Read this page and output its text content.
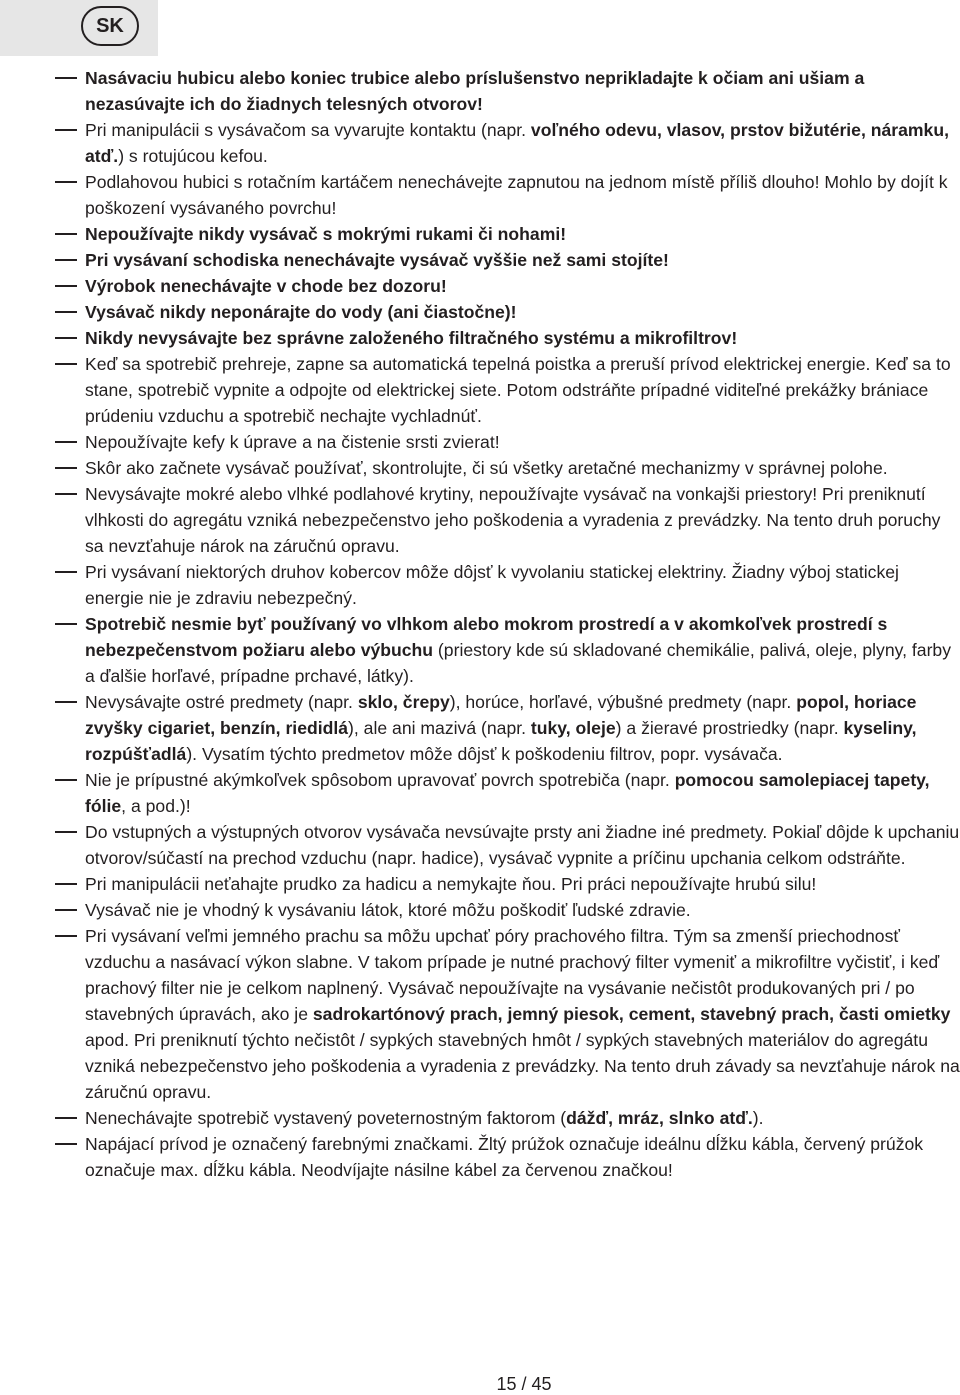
SK
Nasávaciu hubicu alebo koniec trubice alebo príslušenstvo neprikladajte k očiam ani ušiam a nezasúvajte ich do žiadnych telesných otvorov!
Pri manipulácii s vysávačom sa vyvarujte kontaktu (napr. voľného odevu, vlasov, prstov bižutérie, náramku, atď.) s rotujúcou kefou.
Podlahovou hubici s rotačním kartáčem nenechávejte zapnutou na jednom místě příliš dlouho! Mohlo by dojít k poškození vysávaného povrchu!
Nepoužívajte nikdy vysávač s mokrými rukami či nohami!
Pri vysávaní schodiska nenechávajte vysávač vyššie než sami stojíte!
Výrobok nenechávajte v chode bez dozoru!
Vysávač nikdy neponárajte do vody (ani čiastočne)!
Nikdy nevysávajte bez správne založeného filtračného systému a mikrofiltrov!
Keď sa spotrebič prehreje, zapne sa automatická tepelná poistka a preruší prívod elektrickej energie. Keď sa to stane, spotrebič vypnite a odpojte od elektrickej siete. Potom odstráňte prípadné viditeľné prekážky brániace prúdeniu vzduchu a spotrebič nechajte vychladnúť.
Nepoužívajte kefy k úprave a na čistenie srsti zvierat!
Skôr ako začnete vysávač používať, skontrolujte, či sú všetky aretačné mechanizmy v správnej polohe.
Nevysávajte mokré alebo vlhké podlahové krytiny, nepoužívajte vysávač na vonkajši priestory! Pri preniknutí vlhkosti do agregátu vzniká nebezpečenstvo jeho poškodenia a vyradenia z prevádzky. Na tento druh poruchy sa nevzťahuje nárok na záručnú opravu.
Pri vysávaní niektorých druhov kobercov môže dôjsť k vyvolaniu statickej elektriny. Žiadny výboj statickej energie nie je zdraviu nebezpečný.
Spotrebič nesmie byť používaný vo vlhkom alebo mokrom prostredí a v akomkoľvek prostredí s nebezpečenstvom požiaru alebo výbuchu (priestory kde sú skladované chemikálie, palivá, oleje, plyny, farby a ďalšie horľavé, prípadne prchavé, látky).
Nevysávajte ostré predmety (napr. sklo, črepy), horúce, horľavé, výbušné predmety (napr. popol, horiace zvyšky cigariet, benzín, riedidlá), ale ani mazivá (napr. tuky, oleje) a žieravé prostriedky (napr. kyseliny, rozpúšťadlá). Vysatím týchto predmetov môže dôjsť k poškodeniu filtrov, popr. vysávača.
Nie je prípustné akýmkoľvek spôsobom upravovať povrch spotrebiča (napr. pomocou samolepiacej tapety, fólie, a pod.)!
Do vstupných a výstupných otvorov vysávača nevsúvajte prsty ani žiadne iné predmety. Pokiaľ dôjde k upchaniu otvorov/súčastí na prechod vzduchu (napr. hadice), vysávač vypnite a príčinu upchania celkom odstráňte.
Pri manipulácii neťahajte prudko za hadicu a nemykajte ňou. Pri práci nepoužívajte hrubú silu!
Vysávač nie je vhodný k vysávaniu látok, ktoré môžu poškodiť ľudské zdravie.
Pri vysávaní veľmi jemného prachu sa môžu upchať póry prachového filtra. Tým sa zmenší priechodnosť vzduchu a nasávací výkon slabne. V takom prípade je nutné prachový filter vymeniť a mikrofiltre vyčistiť, i keď prachový filter nie je celkom naplnený. Vysávač nepoužívajte na vysávanie nečistôt produkovaných pri / po stavebných úpravách, ako je sadrokartónový prach, jemný piesok, cement, stavebný prach, časti omietky apod. Pri preniknutí týchto nečistôt / sypkých stavebných hmôt / sypkých stavebných materiálov do agregátu vzniká nebezpečenstvo jeho poškodenia a vyradenia z prevádzky. Na tento druh závady sa nevzťahuje nárok na záručnú opravu.
Nenechávajte spotrebič vystavený poveternostným faktorom (dážď, mráz, slnko atď.).
Napájací prívod je označený farebnými značkami. Žltý prúžok označuje ideálnu dĺžku kábla, červený prúžok označuje max. dĺžku kábla. Neodvíjajte násilne kábel za červenou značkou!
15 / 45
